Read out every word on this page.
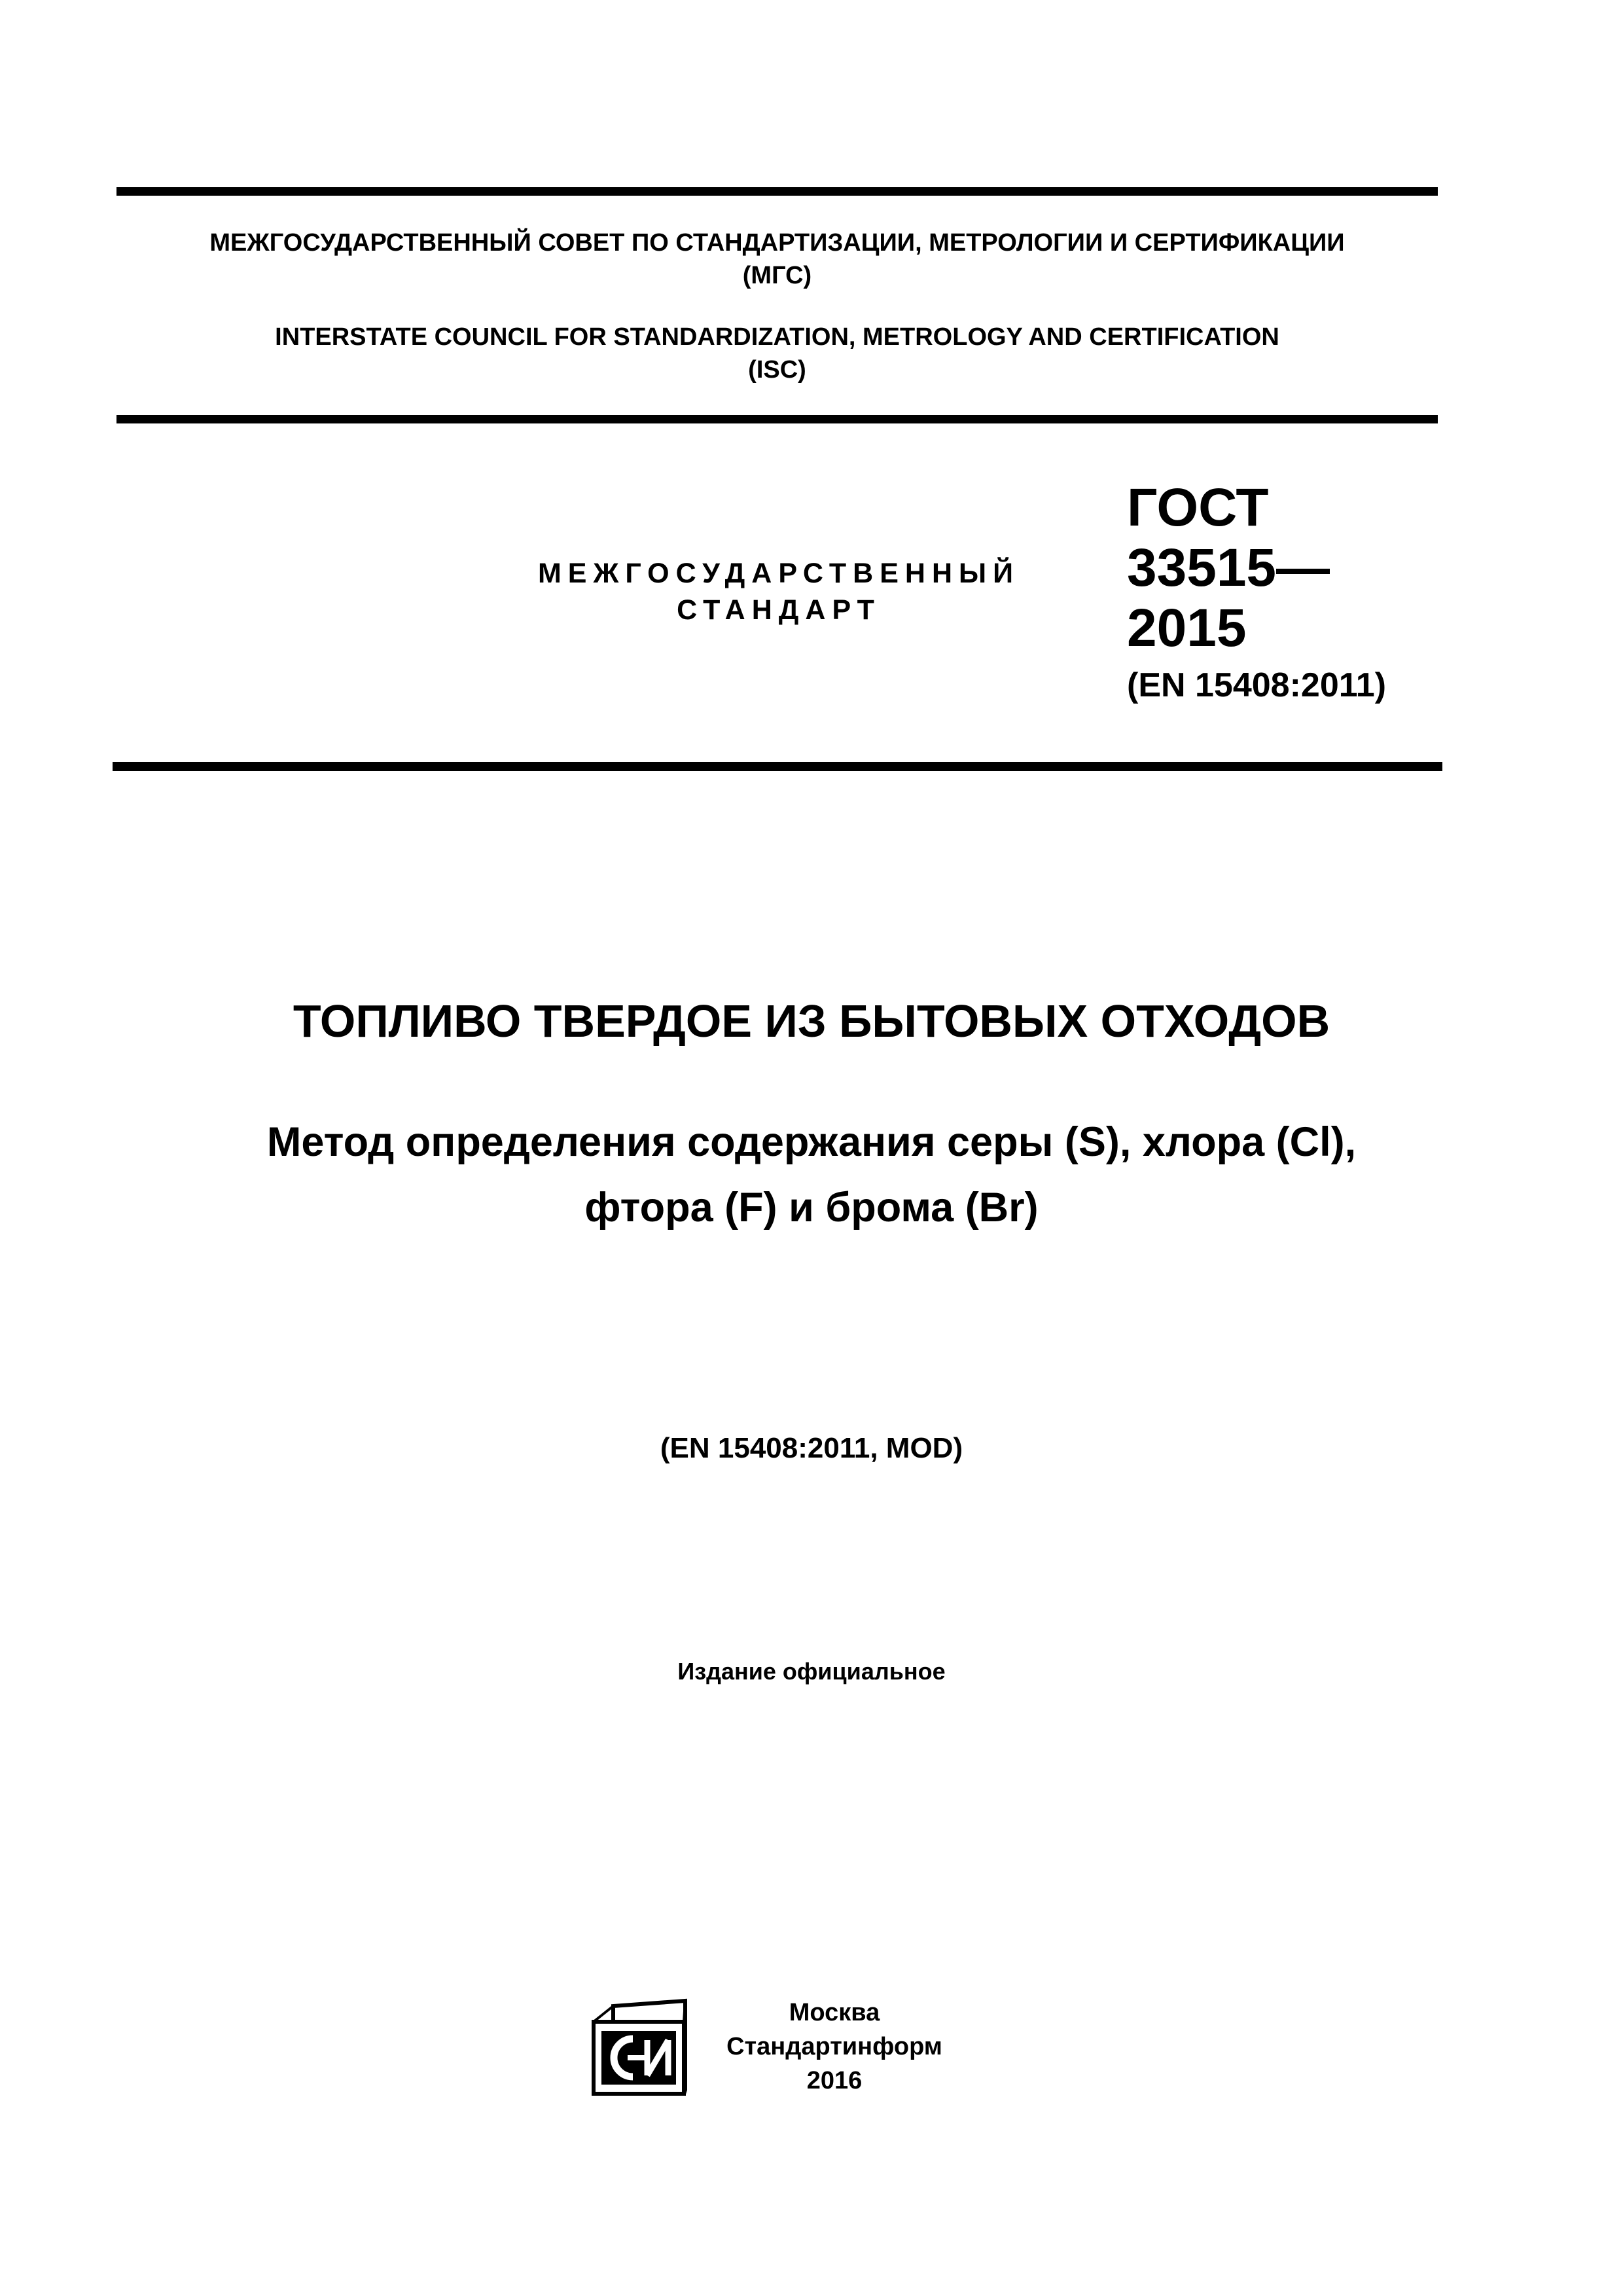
МЕЖГОСУДАРСТВЕННЫЙ СОВЕТ ПО СТАНДАРТИЗАЦИИ, МЕТРОЛОГИИ И СЕРТИФИКАЦИИ
(МГС)
INTERSTATE COUNCIL FOR STANDARDIZATION, METROLOGY AND CERTIFICATION
(ISC)
МЕЖГОСУДАРСТВЕННЫЙ
СТАНДАРТ
ГОСТ
33515—
2015
(EN 15408:2011)
ТОПЛИВО ТВЕРДОЕ ИЗ БЫТОВЫХ ОТХОДОВ
Метод определения содержания серы (S), хлора (Cl),
фтора (F) и брома (Br)
(EN 15408:2011, MOD)
Издание официальное
Москва
Стандартинформ
2016
